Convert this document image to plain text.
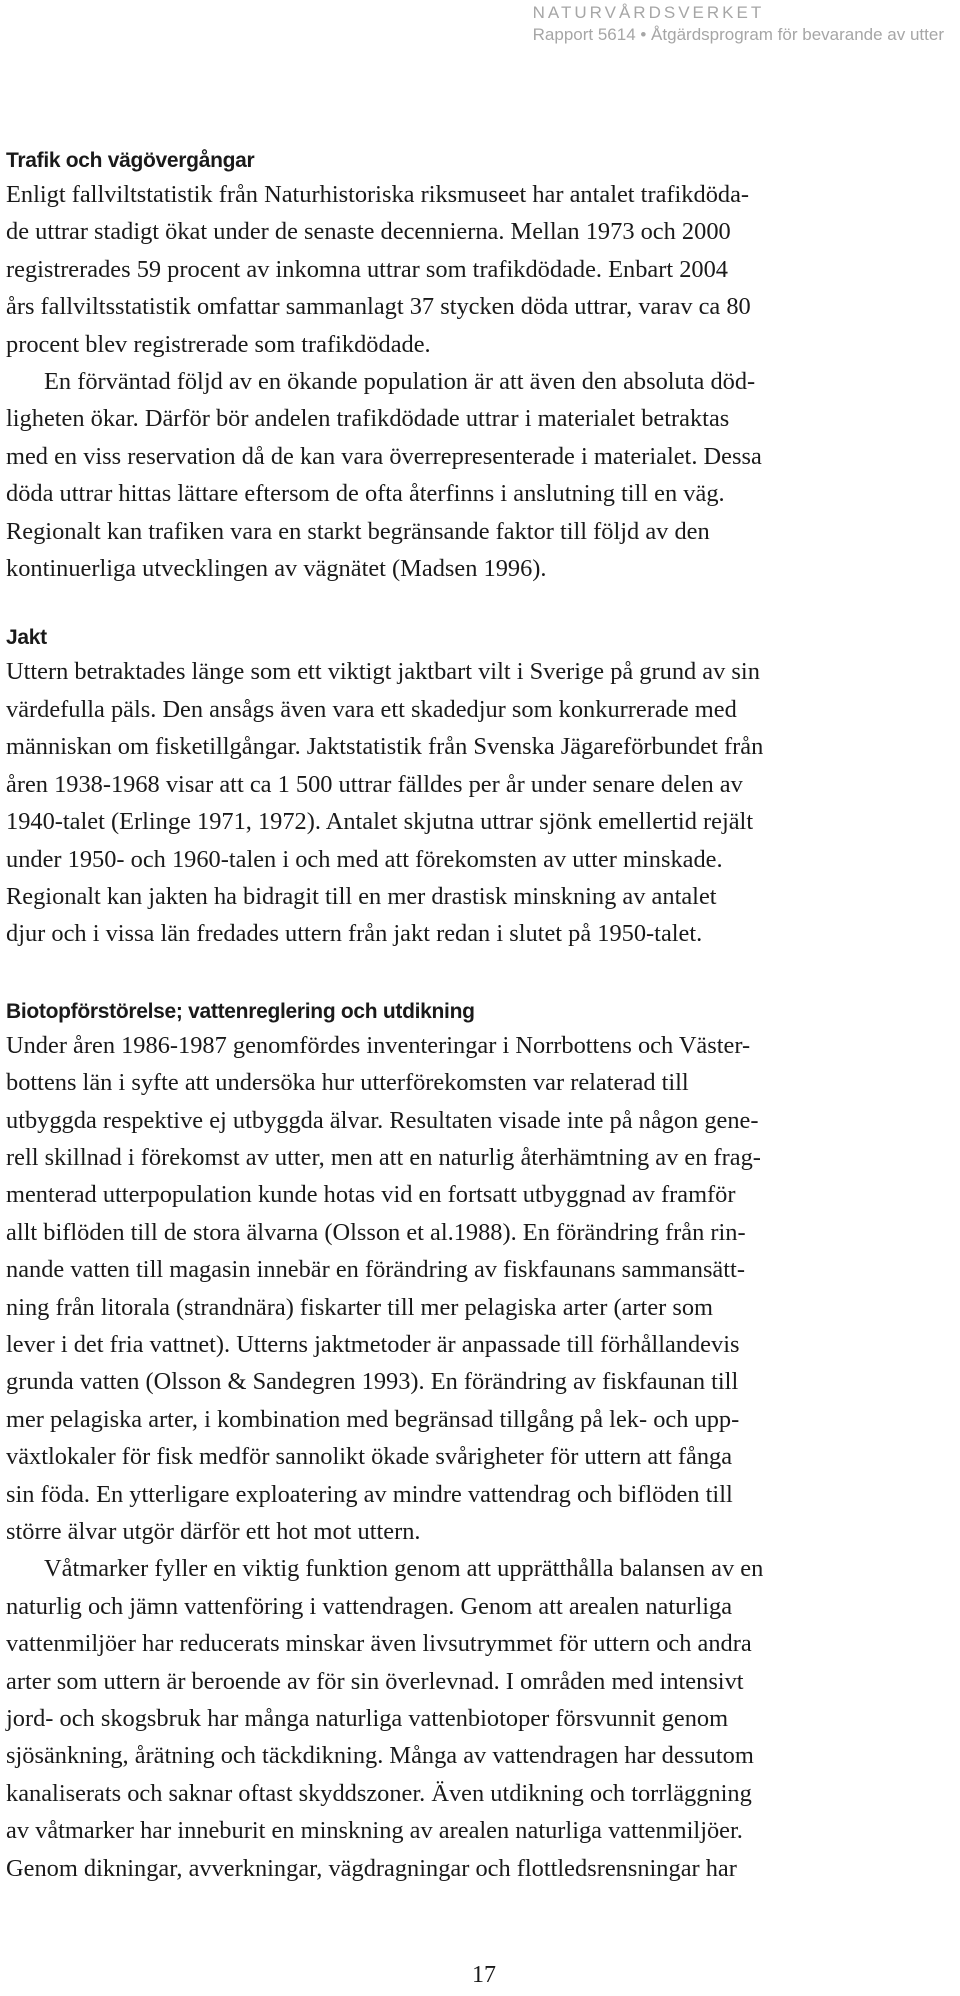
NATURVÅRDSVERKET
Rapport 5614 • Åtgärdsprogram för bevarande av utter
Trafik och vägövergångar

Enligt fallviltstatistik från Naturhistoriska riksmuseet har antalet trafikdöda-
de uttrar stadigt ökat under de senaste decennierna. Mellan 1973 och 2000
registrerades 59 procent av inkomna uttrar som trafikdödade. Enbart 2004
års fallviltsstatistik omfattar sammanlagt 37 stycken döda uttrar, varav ca 80
procent blev registrerade som trafikdödade.

En förväntad följd av en ökande population är att även den absoluta död-
ligheten ökar. Därför bör andelen trafikdödade uttrar i materialet betraktas
med en viss reservation då de kan vara överrepresenterade i materialet. Dessa
döda uttrar hittas lättare eftersom de ofta återfinns i anslutning till en väg.
Regionalt kan trafiken vara en starkt begränsande faktor till följd av den
kontinuerliga utvecklingen av vägnätet (Madsen 1996).

Jakt

Uttern betraktades länge som ett viktigt jaktbart vilt i Sverige på grund av sin
värdefulla päls. Den ansågs även vara ett skadedjur som konkurrerade med
människan om fisketillgångar. Jaktstatistik från Svenska Jägareförbundet från
åren 1938-1968 visar att ca 1 500 uttrar fälldes per år under senare delen av
1940-talet (Erlinge 1971, 1972). Antalet skjutna uttrar sjönk emellertid rejält
under 1950- och 1960-talen i och med att förekomsten av utter minskade.
Regionalt kan jakten ha bidragit till en mer drastisk minskning av antalet
djur och i vissa län fredades uttern från jakt redan i slutet på 1950-talet.

Biotopförstörelse; vattenreglering och utdikning

Under åren 1986-1987 genomfördes inventeringar i Norrbottens och Väster-
bottens län i syfte att undersöka hur utterförekomsten var relaterad till
utbyggda respektive ej utbyggda älvar. Resultaten visade inte på någon gene-
rell skillnad i förekomst av utter, men att en naturlig återhämtning av en frag-
menterad utterpopulation kunde hotas vid en fortsatt utbyggnad av framför
allt biflöden till de stora älvarna (Olsson et al.1988). En förändring från rin-
nande vatten till magasin innebär en förändring av fiskfaunans sammansätt-
ning från litorala (strandnära) fiskarter till mer pelagiska arter (arter som
lever i det fria vattnet). Utterns jaktmetoder är anpassade till förhållandevis
grunda vatten (Olsson & Sandegren 1993). En förändring av fiskfaunan till
mer pelagiska arter, i kombination med begränsad tillgång på lek- och upp-
växtlokaler för fisk medför sannolikt ökade svårigheter för uttern att fånga
sin föda. En ytterligare exploatering av mindre vattendrag och biflöden till
större älvar utgör därför ett hot mot uttern.

Våtmarker fyller en viktig funktion genom att upprätthålla balansen av en
naturlig och jämn vattenföring i vattendragen. Genom att arealen naturliga
vattenmiljöer har reducerats minskar även livsutrymmet för uttern och andra
arter som uttern är beroende av för sin överlevnad. I områden med intensivt
jord- och skogsbruk har många naturliga vattenbiotoper försvunnit genom
sjösänkning, årätning och täckdikning. Många av vattendragen har dessutom
kanaliserats och saknar oftast skyddszoner. Även utdikning och torrläggning
av våtmarker har inneburit en minskning av arealen naturliga vattenmiljöer.
Genom dikningar, avverkningar, vägdragningar och flottledsrensningar har

17
